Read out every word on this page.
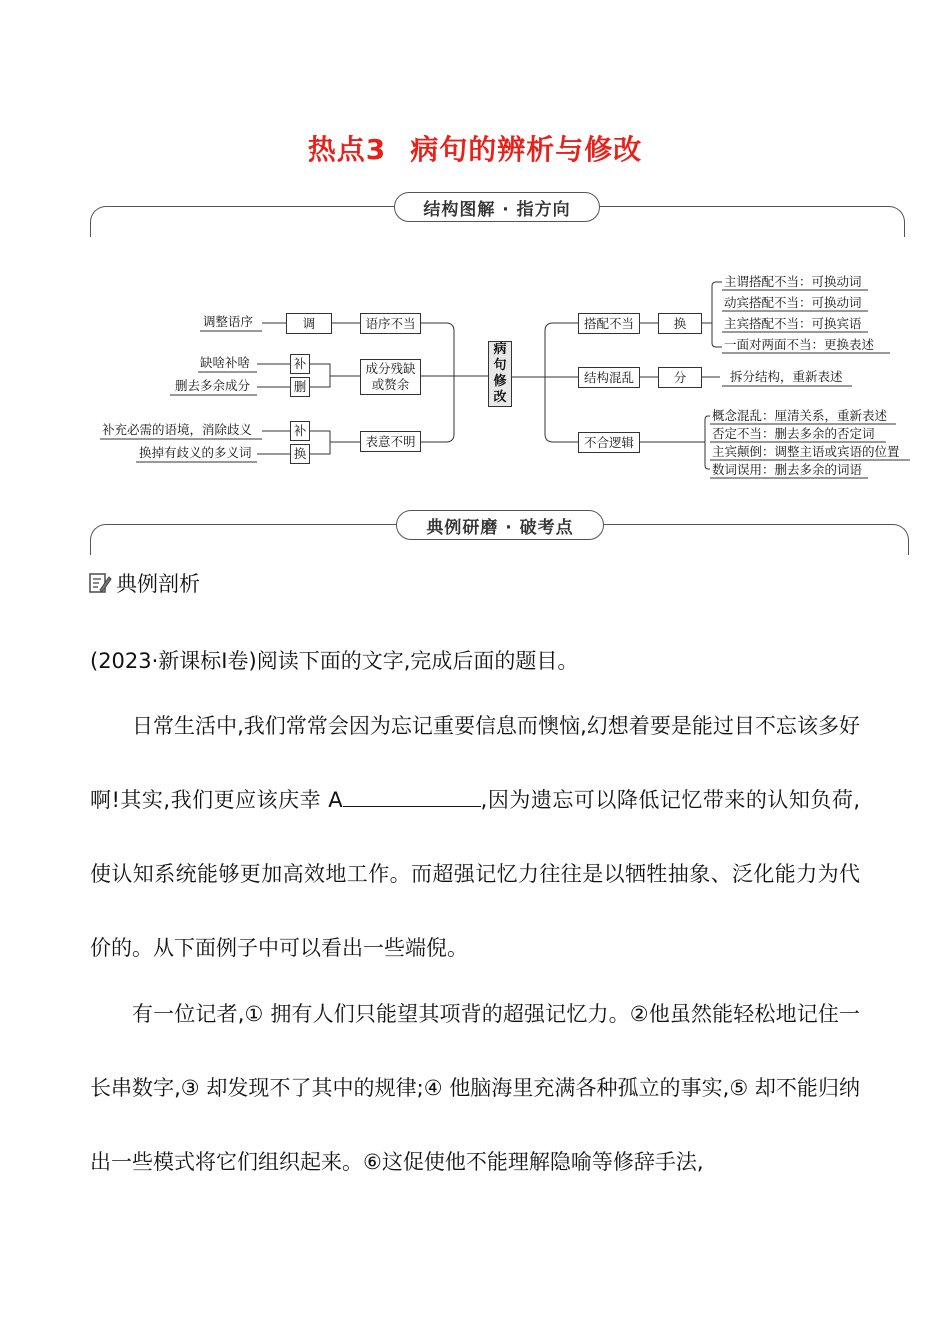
热点3 病句的辨析与修改
结构图解 · 指方向
调整语序
缺啥补啥
删去多余成分
补充必需的语境，消除歧义
换掉有歧义的多义词
调
补
删
补
换
语序不当
成分残缺或赘余
表意不明
病句修改
搭配不当
结构混乱
不合逻辑
换
分
主谓搭配不当：可换动词
动宾搭配不当：可换动词
主宾搭配不当：可换宾语
一面对两面不当：更换表述
拆分结构，重新表述
概念混乱：厘清关系，重新表述
否定不当：删去多余的否定词
主宾颠倒：调整主语或宾语的位置
数词误用：删去多余的词语
典例研磨 · 破考点
典例剖析
(2023·新课标Ⅰ卷)阅读下面的文字,完成后面的题目。
日常生活中,我们常常会因为忘记重要信息而懊恼,幻想着要是能过目不忘该多好啊!其实,我们更应该庆幸 A	,因为遗忘可以降低记忆带来的认知负荷,使认知系统能够更加高效地工作。而超强记忆力往往是以牺牲抽象、泛化能力为代价的。从下面例子中可以看出一些端倪。
有一位记者,① 拥有人们只能望其项背的超强记忆力。②他虽然能轻松地记住一长串数字,③ 却发现不了其中的规律;④ 他脑海里充满各种孤立的事实,⑤ 却不能归纳出一些模式将它们组织起来。⑥这促使他不能理解隐喻等修辞手法,
